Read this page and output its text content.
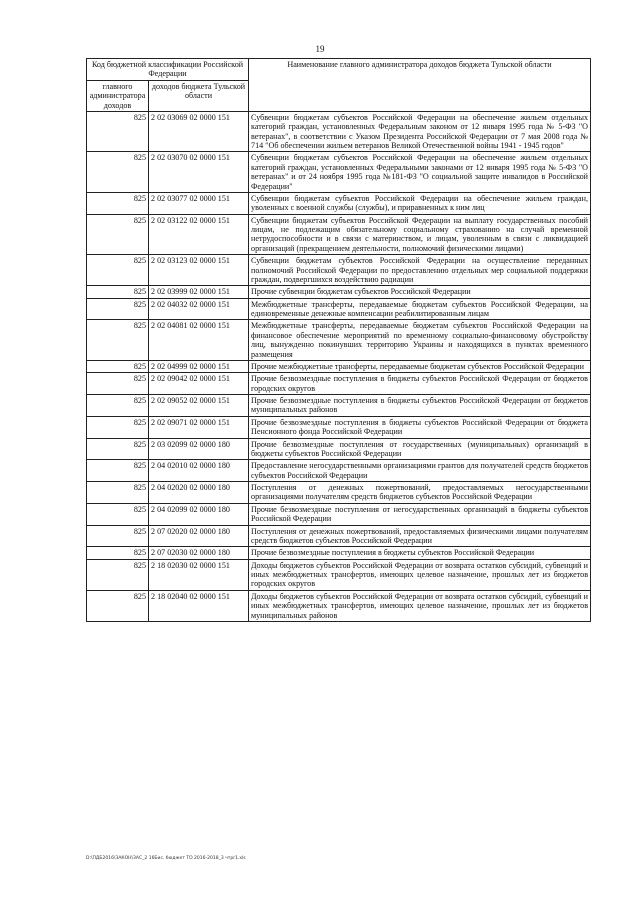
19
Код бюджетной классификации Российской Федерации		Наименование главного администратора доходов бюджета Тульской области
главного администратора доходов	доходов бюджета Тульской области	
825	2 02 03069 02 0000 151	Субвенции бюджетам субъектов Российской Федерации на обеспечение жильем отдельных категорий граждан, установленных Федеральным законом от 12 января 1995 года № 5-ФЗ "О ветеранах", в соответствии с Указом Президента Российской Федерации от 7 мая 2008 года № 714 "Об обеспечении жильем ветеранов Великой Отечественной войны 1941 - 1945 годов"
825	2 02 03070 02 0000 151	Субвенции бюджетам субъектов Российской Федерации на обеспечение жильем отдельных категорий граждан, установленных Федеральными законами от 12 января 1995 года № 5-ФЗ "О ветеранах" и от 24 ноября 1995 года №181-ФЗ "О социальной защите инвалидов в Российской Федерации"
825	2 02 03077 02 0000 151	Субвенции бюджетам субъектов Российской Федерации на обеспечение жильем граждан, уволенных с военной службы (службы), и приравненных к ним лиц
825	2 02 03122 02 0000 151	Субвенции бюджетам субъектов Российской Федерации на выплату государственных пособий лицам, не подлежащим обязательному социальному страхованию на случай временной нетрудоспособности и в связи с материнством, и лицам, уволенным в связи с ликвидацией организаций (прекращением деятельности, полномочий физическими лицами)
825	2 02 03123 02 0000 151	Субвенции бюджетам субъектов Российской Федерации на осуществление переданных полномочий Российской Федерации по предоставлению отдельных мер социальной поддержки граждан, подвергшихся воздействию радиации
825	2 02 03999 02 0000 151	Прочие субвенции бюджетам субъектов Российской Федерации
825	2 02 04032 02 0000 151	Межбюджетные трансферты, передаваемые бюджетам субъектов Российской Федерации, на единовременные денежные компенсации реабилитированным лицам
825	2 02 04081 02 0000 151	Межбюджетные трансферты, передаваемые бюджетам субъектов Российской Федерации на финансовое обеспечение мероприятий по временному социально-финансовому обустройству лиц, вынужденно покинувших территорию Украины и находящихся в пунктах временного размещения
825	2 02 04999 02 0000 151	Прочие межбюджетные трансферты, передаваемые бюджетам субъектов Российской Федерации
825	2 02 09042 02 0000 151	Прочие безвозмездные поступления в бюджеты субъектов Российской Федерации от бюджетов городских округов
825	2 02 09052 02 0000 151	Прочие безвозмездные поступления в бюджеты субъектов Российской Федерации от бюджетов муниципальных районов
825	2 02 09071 02 0000 151	Прочие безвозмездные поступления в бюджеты субъектов Российской Федерации от бюджета Пенсионного фонда Российской Федерации
825	2 03 02099 02 0000 180	Прочие безвозмездные поступления от государственных (муниципальных) организаций в бюджеты субъектов Российской Федерации
825	2 04 02010 02 0000 180	Предоставление негосударственными организациями грантов для получателей средств бюджетов субъектов Российской Федерации
825	2 04 02020 02 0000 180	Поступления от денежных пожертвований, предоставляемых негосударственными организациями получателям средств бюджетов субъектов Российской Федерации
825	2 04 02099 02 0000 180	Прочие безвозмездные поступления от негосударственных организаций в бюджеты субъектов Российской Федерации
825	2 07 02020 02 0000 180	Поступления от денежных пожертвований, предоставляемых физическими лицами получателям средств бюджетов субъектов Российской Федерации
825	2 07 02030 02 0000 180	Прочие безвозмездные поступления в бюджеты субъектов Российской Федерации
825	2 18 02030 02 0000 151	Доходы бюджетов субъектов Российской Федерации от возврата остатков субсидий, субвенций и иных межбюджетных трансфертов, имеющих целевое назначение, прошлых лет из бюджетов городских округов
825	2 18 02040 02 0000 151	Доходы бюджетов субъектов Российской Федерации от возврата остатков субсидий, субвенций и иных межбюджетных трансфертов, имеющих целевое назначение, прошлых лет из бюджетов муниципальных районов
D:\ПДБ2016\ЗАКОН\ЗАС_2 16Бис. бюджет ТО 2016-2018_3 чтpr1.xls
